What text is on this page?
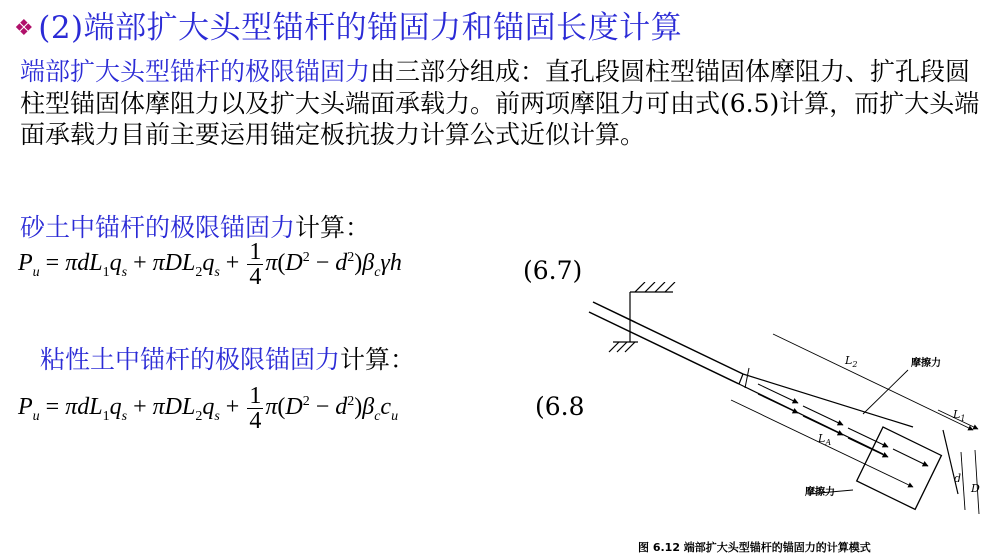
❖ (2)端部扩大头型锚杆的锚固力和锚固长度计算
端部扩大头型锚杆的极限锚固力由三部分组成：直孔段圆柱型锚固体摩阻力、扩孔段圆柱型锚固体摩阻力以及扩大头端面承载力。前两项摩阻力可由式(6.5)计算，而扩大头端面承载力目前主要运用锚定板抗拔力计算公式近似计算。
砂土中锚杆的极限锚固力计算：
$P_u = \pi dL_1q_s + \pi DL_2q_s + \frac{1}{4} \pi(D^2 - d^2)\beta_c\gamma h$	(6.7)
粘性土中锚杆的极限锚固力计算：
$P_u = \pi dL_1q_s + \pi DL_2q_s + \frac{1}{4} \pi(D^2 - d^2)\beta_cc_u$	(6.8
$L_2$
$L_1$
$L_A$
d
D
摩擦力
摩擦力
图 6.12 端部扩大头型锚杆的锚固力的计算模式
